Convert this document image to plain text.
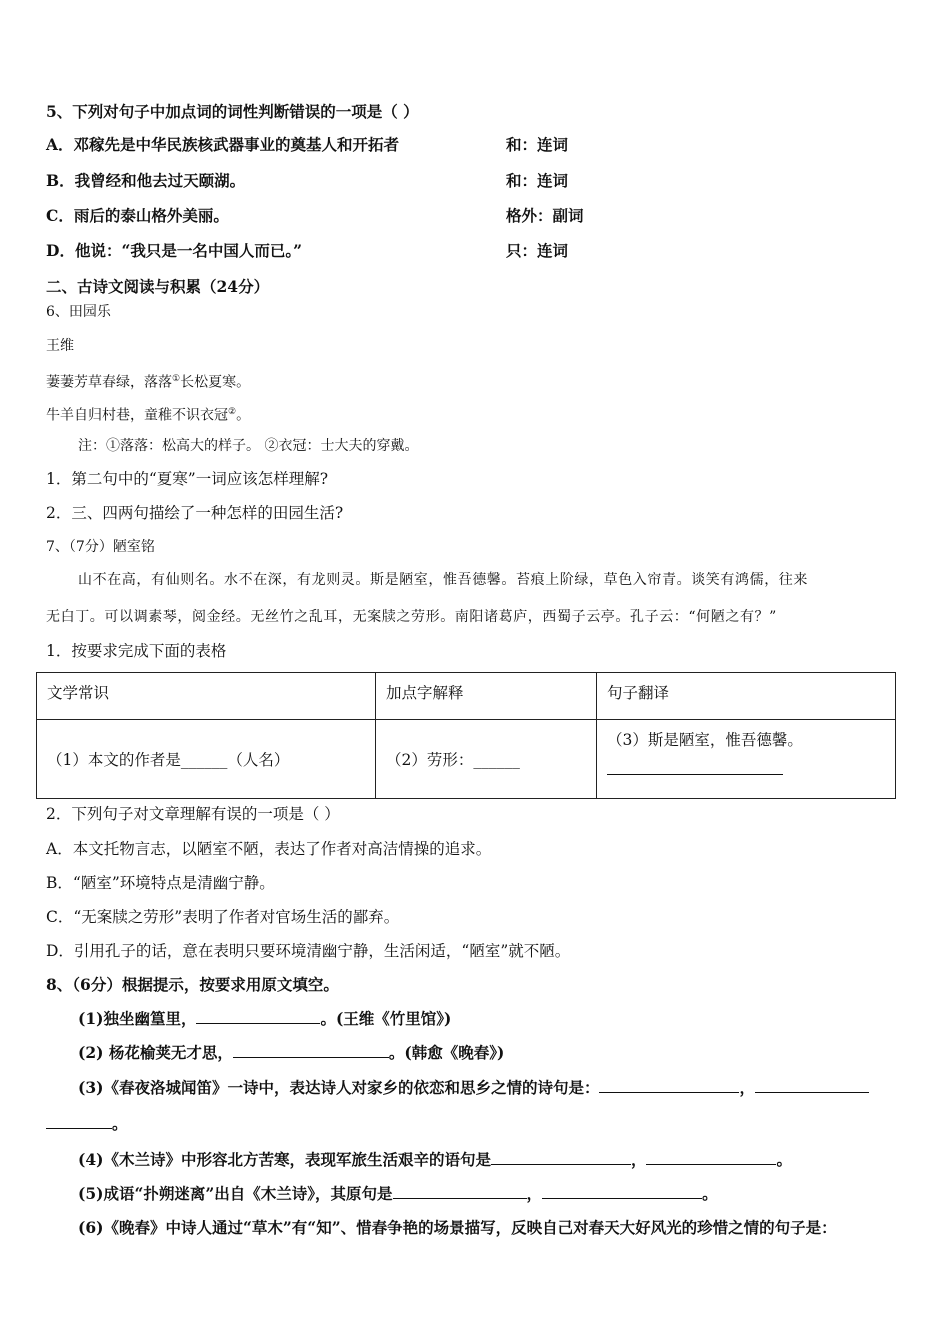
5、下列对句子中加点词的词性判断错误的一项是（ ）
A．邓稼先是中华民族核武器事业的奠基人和开拓者	和：连词
B．我曾经和他去过天颐湖。	和：连词
C．雨后的泰山格外美丽。	格外：副词
D．他说：“我只是一名中国人而已。”	只：连词
二、古诗文阅读与积累（24分）
6、田园乐
王维
萋萋芳草春绿，落落①长松夏寒。
牛羊自归村巷，童稚不识衣冠②。
注：①落落：松高大的样子。 ②衣冠：士大夫的穿戴。
1．第二句中的“夏寒”一词应该怎样理解?
2．三、四两句描绘了一种怎样的田园生活?
7、（7分）陋室铭
山不在高，有仙则名。水不在深，有龙则灵。斯是陋室，惟吾德馨。苔痕上阶绿，草色入帘青。谈笑有鸿儒，往来
无白丁。可以调素琴，阅金经。无丝竹之乱耳，无案牍之劳形。南阳诸葛庐，西蜀子云亭。孔子云：“何陋之有？”
1．按要求完成下面的表格
文学常识	加点字解释	句子翻译
（1）本文的作者是______（人名）	（2）劳形：______	（3）斯是陋室，惟吾德馨。
2．下列句子对文章理解有误的一项是（ ）
A．本文托物言志，以陋室不陋，表达了作者对高洁情操的追求。
B．“陋室”环境特点是清幽宁静。
C．“无案牍之劳形”表明了作者对官场生活的鄙弃。
D．引用孔子的话，意在表明只要环境清幽宁静，生活闲适，“陋室”就不陋。
8、（6分）根据提示，按要求用原文填空。
(1)独坐幽篁里，	。(王维《竹里馆》)
(2) 杨花榆荚无才思，	。(韩愈《晚春》)
(3)《春夜洛城闻笛》一诗中，表达诗人对家乡的依恋和思乡之情的诗句是：	，
。
(4)《木兰诗》中形容北方苦寒，表现军旅生活艰辛的语句是	，	。
(5)成语“扑朔迷离”出自《木兰诗》，其原句是	，	。
(6)《晚春》中诗人通过“草木”有“知”、惜春争艳的场景描写，反映自己对春天大好风光的珍惜之情的句子是：
